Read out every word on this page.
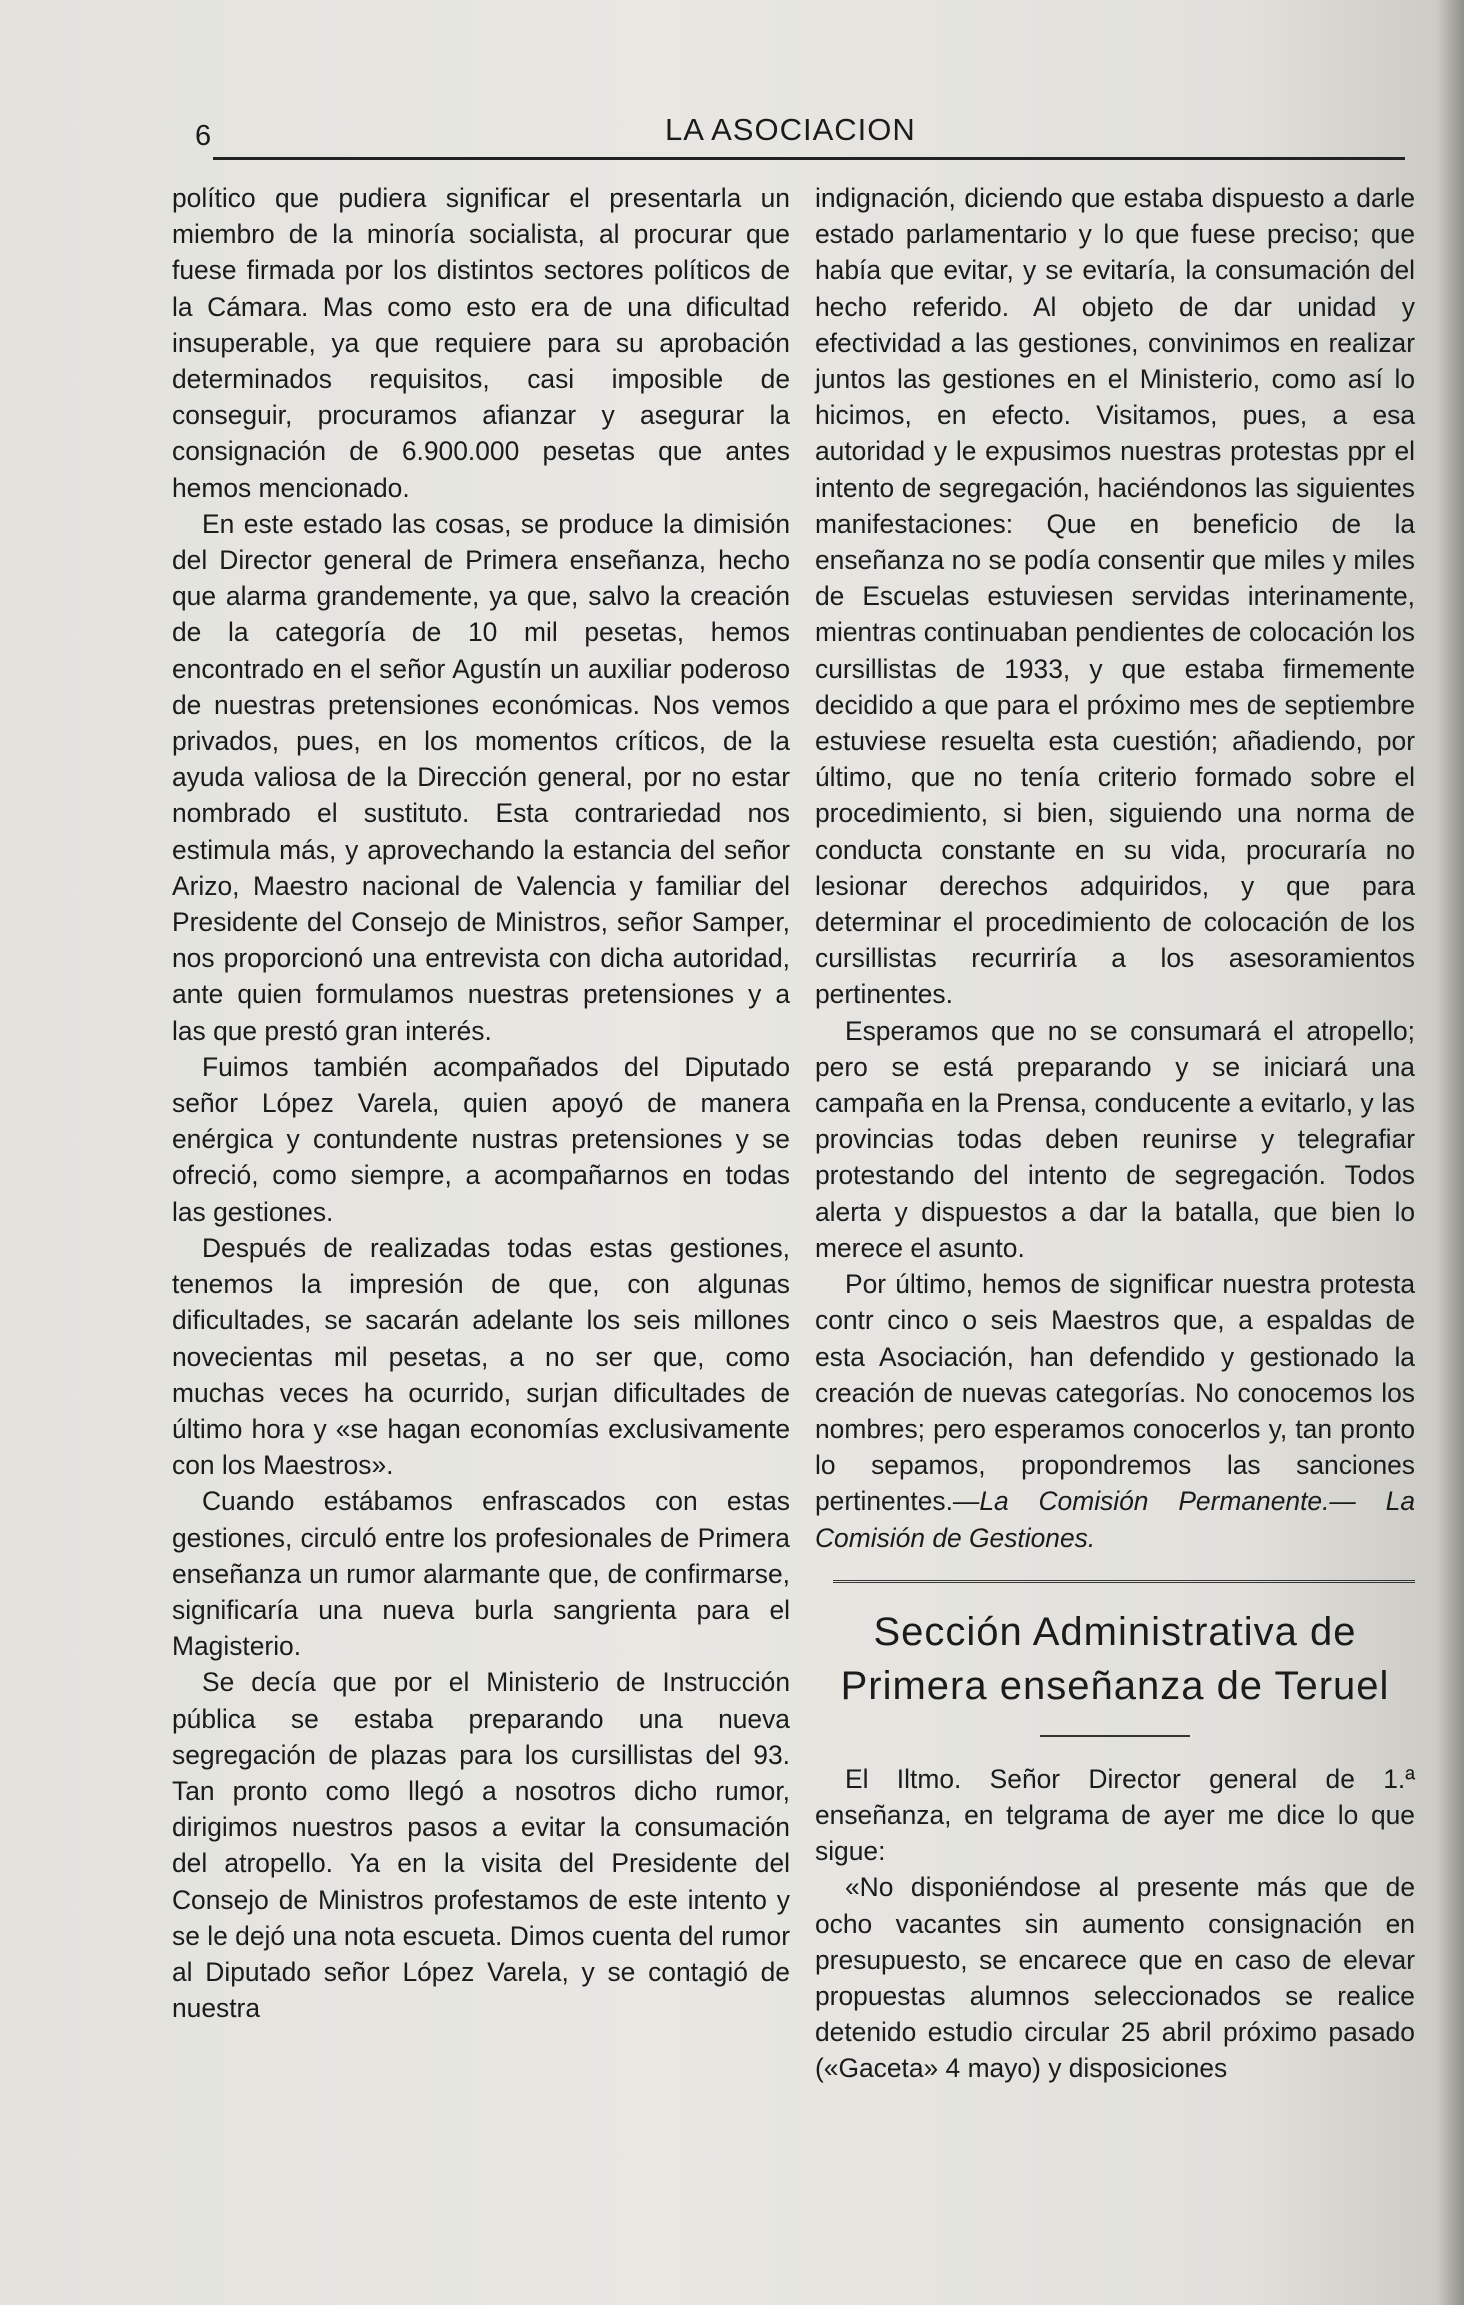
6	LA ASOCIACION

político que pudiera significar el presentarla un miembro de la minoría socialista, al procurar que fuese firmada por los distintos sectores políticos de la Cámara. Mas como esto era de una dificultad insuperable, ya que requiere para su aprobación determinados requisitos, casi imposible de conseguir, procuramos afianzar y asegurar la consignación de 6.900.000 pesetas que antes hemos mencionado.

En este estado las cosas, se produce la dimisión del Director general de Primera enseñanza, hecho que alarma grandemente, ya que, salvo la creación de la categoría de 10 mil pesetas, hemos encontrado en el señor Agustín un auxiliar poderoso de nuestras pretensiones económicas. Nos vemos privados, pues, en los momentos críticos, de la ayuda valiosa de la Dirección general, por no estar nombrado el sustituto. Esta contrariedad nos estimula más, y aprovechando la estancia del señor Arizo, Maestro nacional de Valencia y familiar del Presidente del Consejo de Ministros, señor Samper, nos proporcionó una entrevista con dicha autoridad, ante quien formulamos nuestras pretensiones y a las que prestó gran interés.

Fuimos también acompañados del Diputado señor López Varela, quien apoyó de manera enérgica y contundente nustras pretensiones y se ofreció, como siempre, a acompañarnos en todas las gestiones.

Después de realizadas todas estas gestiones, tenemos la impresión de que, con algunas dificultades, se sacarán adelante los seis millones novecientas mil pesetas, a no ser que, como muchas veces ha ocurrido, surjan dificultades de último hora y «se hagan economías exclusivamente con los Maestros».

Cuando estábamos enfrascados con estas gestiones, circuló entre los profesionales de Primera enseñanza un rumor alarmante que, de confirmarse, significaría una nueva burla sangrienta para el Magisterio.

Se decía que por el Ministerio de Instrucción pública se estaba preparando una nueva segregación de plazas para los cursillistas del 93. Tan pronto como llegó a nosotros dicho rumor, dirigimos nuestros pasos a evitar la consumación del atropello. Ya en la visita del Presidente del Consejo de Ministros profestamos de este intento y se le dejó una nota escueta. Dimos cuenta del rumor al Diputado señor López Varela, y se contagió de nuestra

indignación, diciendo que estaba dispuesto a darle estado parlamentario y lo que fuese preciso; que había que evitar, y se evitaría, la consumación del hecho referido. Al objeto de dar unidad y efectividad a las gestiones, convinimos en realizar juntos las gestiones en el Ministerio, como así lo hicimos, en efecto. Visitamos, pues, a esa autoridad y le expusimos nuestras protestas ppr el intento de segregación, haciéndonos las siguientes manifestaciones: Que en beneficio de la enseñanza no se podía consentir que miles y miles de Escuelas estuviesen servidas interinamente, mientras continuaban pendientes de colocación los cursillistas de 1933, y que estaba firmemente decidido a que para el próximo mes de septiembre estuviese resuelta esta cuestión; añadiendo, por último, que no tenía criterio formado sobre el procedimiento, si bien, siguiendo una norma de conducta constante en su vida, procuraría no lesionar derechos adquiridos, y que para determinar el procedimiento de colocación de los cursillistas recurriría a los asesoramientos pertinentes.

Esperamos que no se consumará el atropello; pero se está preparando y se iniciará una campaña en la Prensa, conducente a evitarlo, y las provincias todas deben reunirse y telegrafiar protestando del intento de segregación. Todos alerta y dispuestos a dar la batalla, que bien lo merece el asunto.

Por último, hemos de significar nuestra protesta contr cinco o seis Maestros que, a espaldas de esta Asociación, han defendido y gestionado la creación de nuevas categorías. No conocemos los nombres; pero esperamos conocerlos y, tan pronto lo sepamos, propondremos las sanciones pertinentes.—La Comisión Permanente.— La Comisión de Gestiones.

Sección Administrativa de
Primera enseñanza de Teruel

El Iltmo. Señor Director general de 1.ª enseñanza, en telgrama de ayer me dice lo que sigue:

«No disponiéndose al presente más que de ocho vacantes sin aumento consignación en presupuesto, se encarece que en caso de elevar propuestas alumnos seleccionados se realice detenido estudio circular 25 abril próximo pasado («Gaceta» 4 mayo) y disposiciones
